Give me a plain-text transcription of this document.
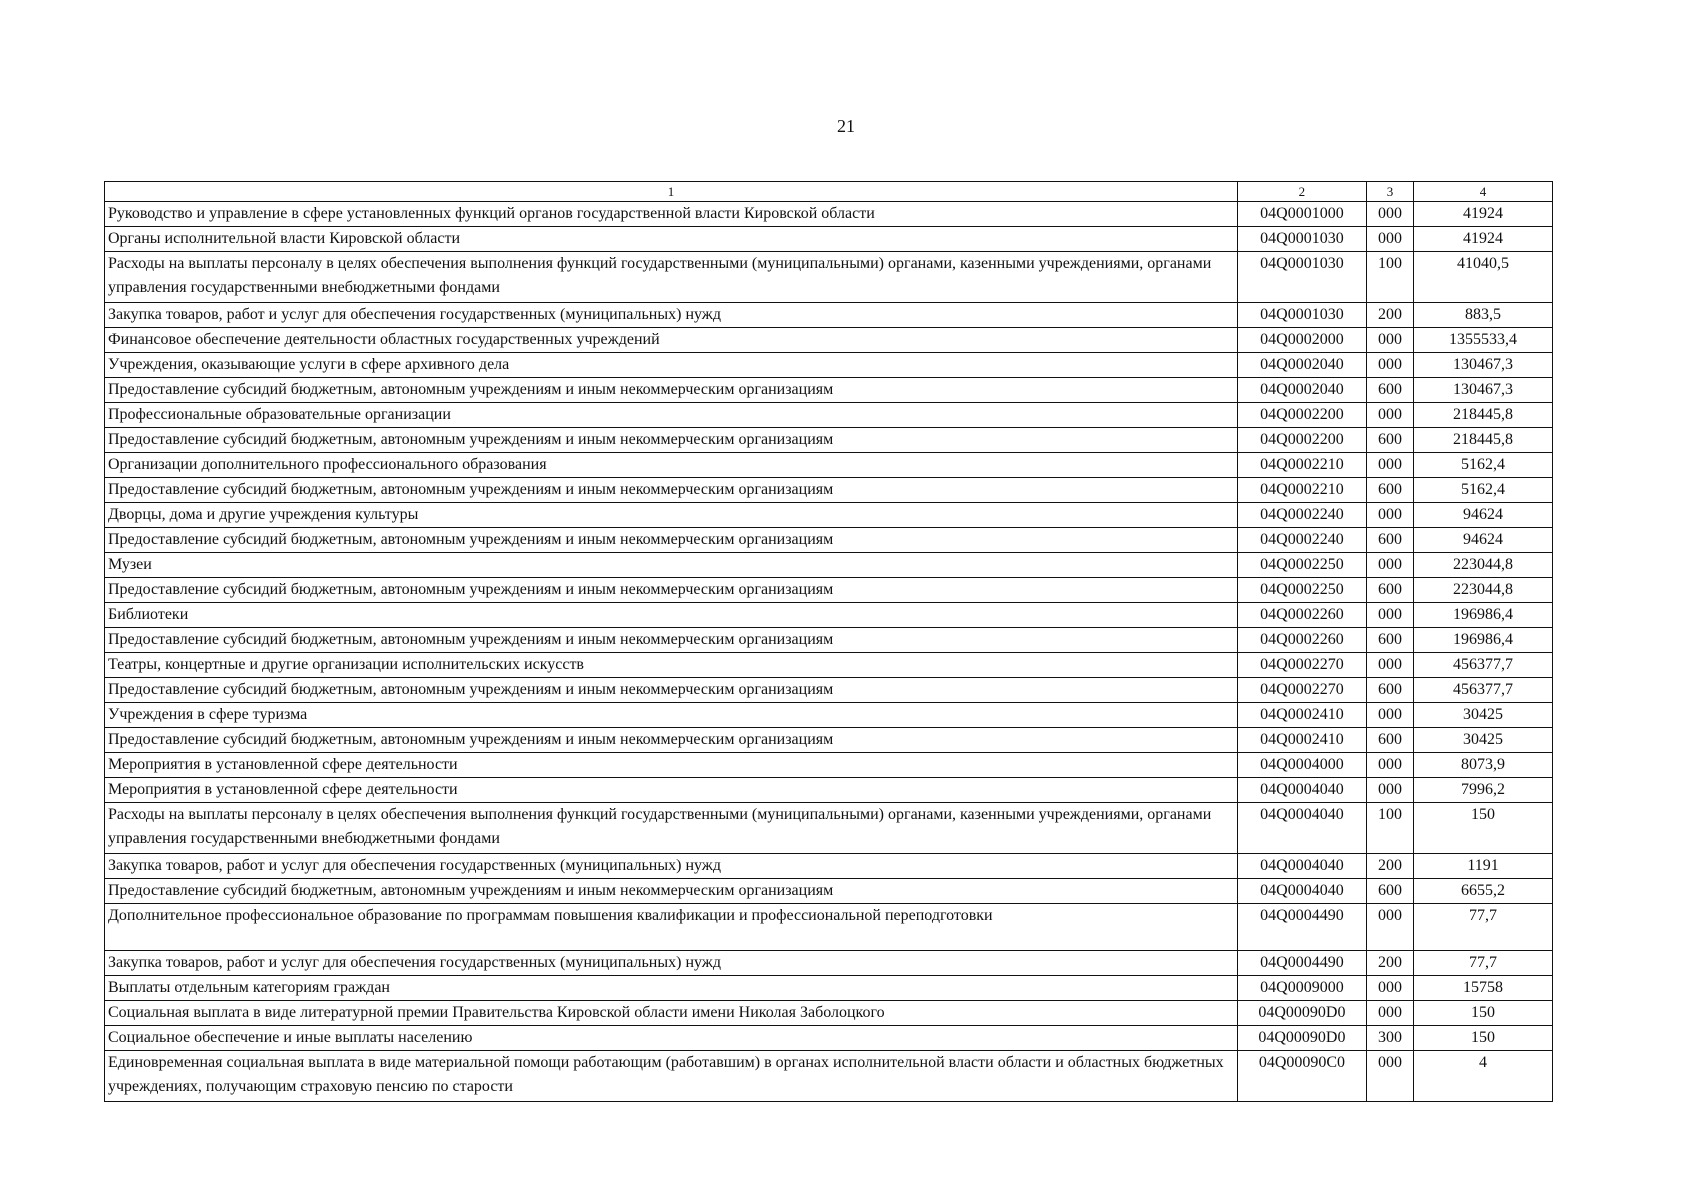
21
1	2	3	4
Руководство и управление в сфере установленных функций органов государственной власти Кировской области	04Q0001000	000	41924
Органы исполнительной власти Кировской области	04Q0001030	000	41924
Расходы на выплаты персоналу в целях обеспечения выполнения функций государственными (муниципальными) органами, казенными учреждениями, органами управления государственными внебюджетными фондами	04Q0001030	100	41040,5
Закупка товаров, работ и услуг для обеспечения государственных (муниципальных) нужд	04Q0001030	200	883,5
Финансовое обеспечение деятельности областных государственных учреждений	04Q0002000	000	1355533,4
Учреждения, оказывающие услуги в сфере архивного дела	04Q0002040	000	130467,3
Предоставление субсидий бюджетным, автономным учреждениям и иным некоммерческим организациям	04Q0002040	600	130467,3
Профессиональные образовательные организации	04Q0002200	000	218445,8
Предоставление субсидий бюджетным, автономным учреждениям и иным некоммерческим организациям	04Q0002200	600	218445,8
Организации дополнительного профессионального образования	04Q0002210	000	5162,4
Предоставление субсидий бюджетным, автономным учреждениям и иным некоммерческим организациям	04Q0002210	600	5162,4
Дворцы, дома и другие учреждения культуры	04Q0002240	000	94624
Предоставление субсидий бюджетным, автономным учреждениям и иным некоммерческим организациям	04Q0002240	600	94624
Музеи	04Q0002250	000	223044,8
Предоставление субсидий бюджетным, автономным учреждениям и иным некоммерческим организациям	04Q0002250	600	223044,8
Библиотеки	04Q0002260	000	196986,4
Предоставление субсидий бюджетным, автономным учреждениям и иным некоммерческим организациям	04Q0002260	600	196986,4
Театры, концертные и другие организации исполнительских искусств	04Q0002270	000	456377,7
Предоставление субсидий бюджетным, автономным учреждениям и иным некоммерческим организациям	04Q0002270	600	456377,7
Учреждения в сфере туризма	04Q0002410	000	30425
Предоставление субсидий бюджетным, автономным учреждениям и иным некоммерческим организациям	04Q0002410	600	30425
Мероприятия в установленной сфере деятельности	04Q0004000	000	8073,9
Мероприятия в установленной сфере деятельности	04Q0004040	000	7996,2
Расходы на выплаты персоналу в целях обеспечения выполнения функций государственными (муниципальными) органами, казенными учреждениями, органами управления государственными внебюджетными фондами	04Q0004040	100	150
Закупка товаров, работ и услуг для обеспечения государственных (муниципальных) нужд	04Q0004040	200	1191
Предоставление субсидий бюджетным, автономным учреждениям и иным некоммерческим организациям	04Q0004040	600	6655,2
Дополнительное профессиональное образование по программам повышения квалификации и профессиональной переподготовки	04Q0004490	000	77,7
Закупка товаров, работ и услуг для обеспечения государственных (муниципальных) нужд	04Q0004490	200	77,7
Выплаты отдельным категориям граждан	04Q0009000	000	15758
Социальная выплата в виде литературной премии Правительства Кировской области имени Николая Заболоцкого	04Q00090D0	000	150
Социальное обеспечение и иные выплаты населению	04Q00090D0	300	150
Единовременная социальная выплата в виде материальной помощи работающим (работавшим) в органах исполнительной власти области и областных бюджетных учреждениях, получающим страховую пенсию по старости	04Q00090C0	000	4
